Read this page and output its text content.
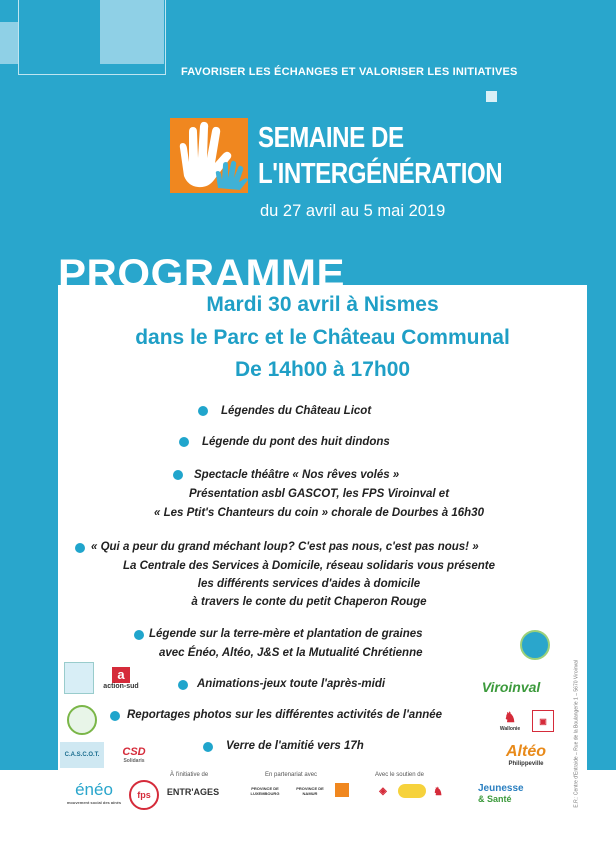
FAVORISER LES ÉCHANGES ET VALORISER LES INITIATIVES
SEMAINE DE
L'INTERGÉNÉRATION
du 27 avril au 5 mai 2019
PROGRAMME
Mardi 30 avril à Nismes
dans le Parc et le Château Communal
De 14h00 à 17h00
Légendes du Château Licot
Légende du pont des huit dindons
Spectacle théâtre « Nos rêves volés »
Présentation asbl GASCOT, les FPS Viroinval et
« Les Ptit's Chanteurs du coin » chorale de Dourbes à 16h30
« Qui a peur du grand méchant loup? C'est pas nous, c'est pas nous! »
La Centrale des Services à Domicile, réseau solidaris vous présente
les différents services d'aides à domicile
à travers le conte du petit Chaperon Rouge
Légende sur la terre-mère et plantation de graines
avec Énéo, Altéo, J&S et la Mutualité Chrétienne
Animations-jeux toute l'après-midi
Reportages photos sur les différentes activités de l'année
Verre de l'amitié vers 17h
a
action-sud
C.A.S.C.O.T.	CSD
Solidaris
Viroinval
♞
Wallonie
▣
Altéo
Philippeville
À l'initiative de	En partenariat avec	Avec le soutien de
énéo
mouvement social des aînés
fps	ENTR'AGES	PROVINCE DE LUXEMBOURG
PROVINCE DE NAMUR	◈	♞	Jeunesse
& Santé	E.R.: Centre d'Entraide – Rue de la Boulangerie 1 – 5670 Viroinval
